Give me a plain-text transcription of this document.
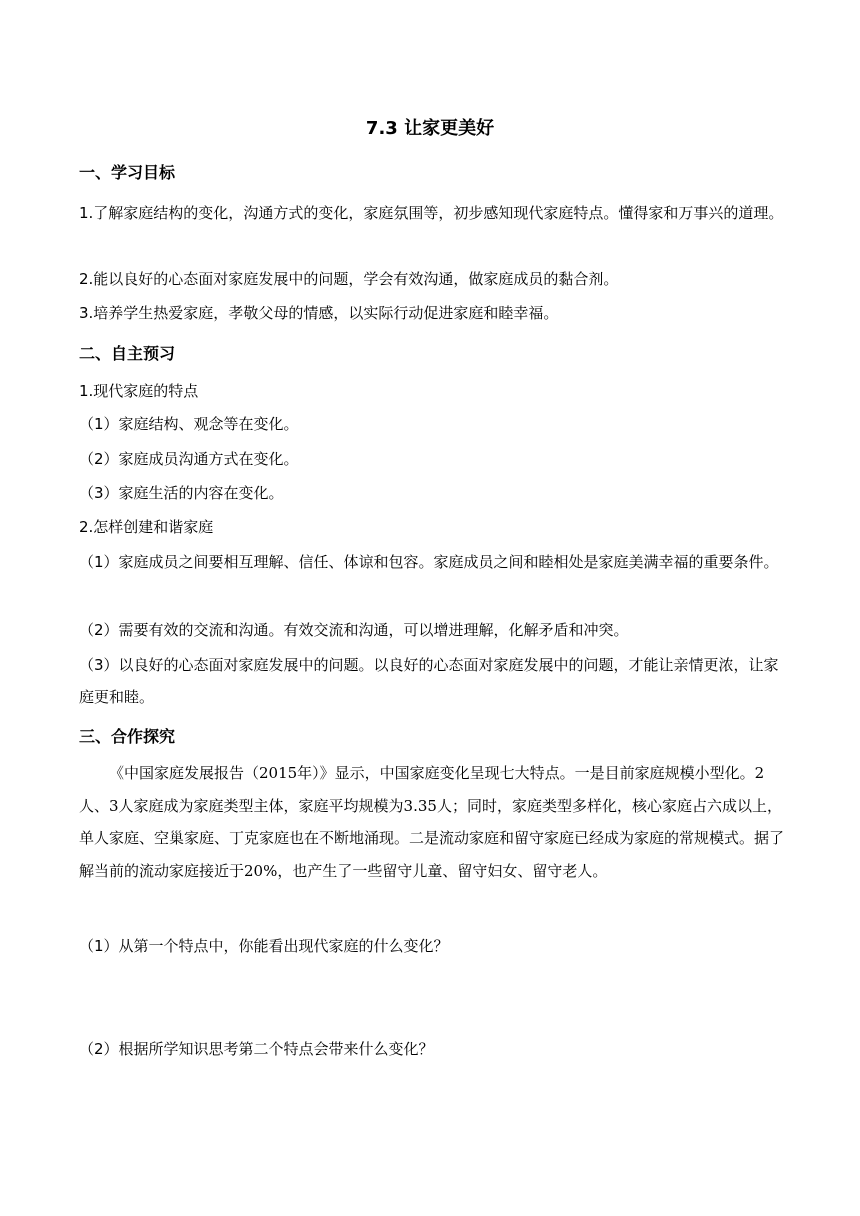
7.3 让家更美好
一、学习目标
1.了解家庭结构的变化，沟通方式的变化，家庭氛围等，初步感知现代家庭特点。懂得家和万事兴的道理。
2.能以良好的心态面对家庭发展中的问题，学会有效沟通，做家庭成员的黏合剂。
3.培养学生热爱家庭，孝敬父母的情感，以实际行动促进家庭和睦幸福。
二、自主预习
1.现代家庭的特点
（1）家庭结构、观念等在变化。
（2）家庭成员沟通方式在变化。
（3）家庭生活的内容在变化。
2.怎样创建和谐家庭
（1）家庭成员之间要相互理解、信任、体谅和包容。家庭成员之间和睦相处是家庭美满幸福的重要条件。
（2）需要有效的交流和沟通。有效交流和沟通，可以增进理解，化解矛盾和冲突。
（3）以良好的心态面对家庭发展中的问题。以良好的心态面对家庭发展中的问题，才能让亲情更浓，让家庭更和睦。
三、合作探究
《中国家庭发展报告（2015年）》显示，中国家庭变化呈现七大特点。一是目前家庭规模小型化。2人、3人家庭成为家庭类型主体，家庭平均规模为3.35人；同时，家庭类型多样化，核心家庭占六成以上，单人家庭、空巢家庭、丁克家庭也在不断地涌现。二是流动家庭和留守家庭已经成为家庭的常规模式。据了解当前的流动家庭接近于20%，也产生了一些留守儿童、留守妇女、留守老人。
（1）从第一个特点中，你能看出现代家庭的什么变化？
（2）根据所学知识思考第二个特点会带来什么变化？
